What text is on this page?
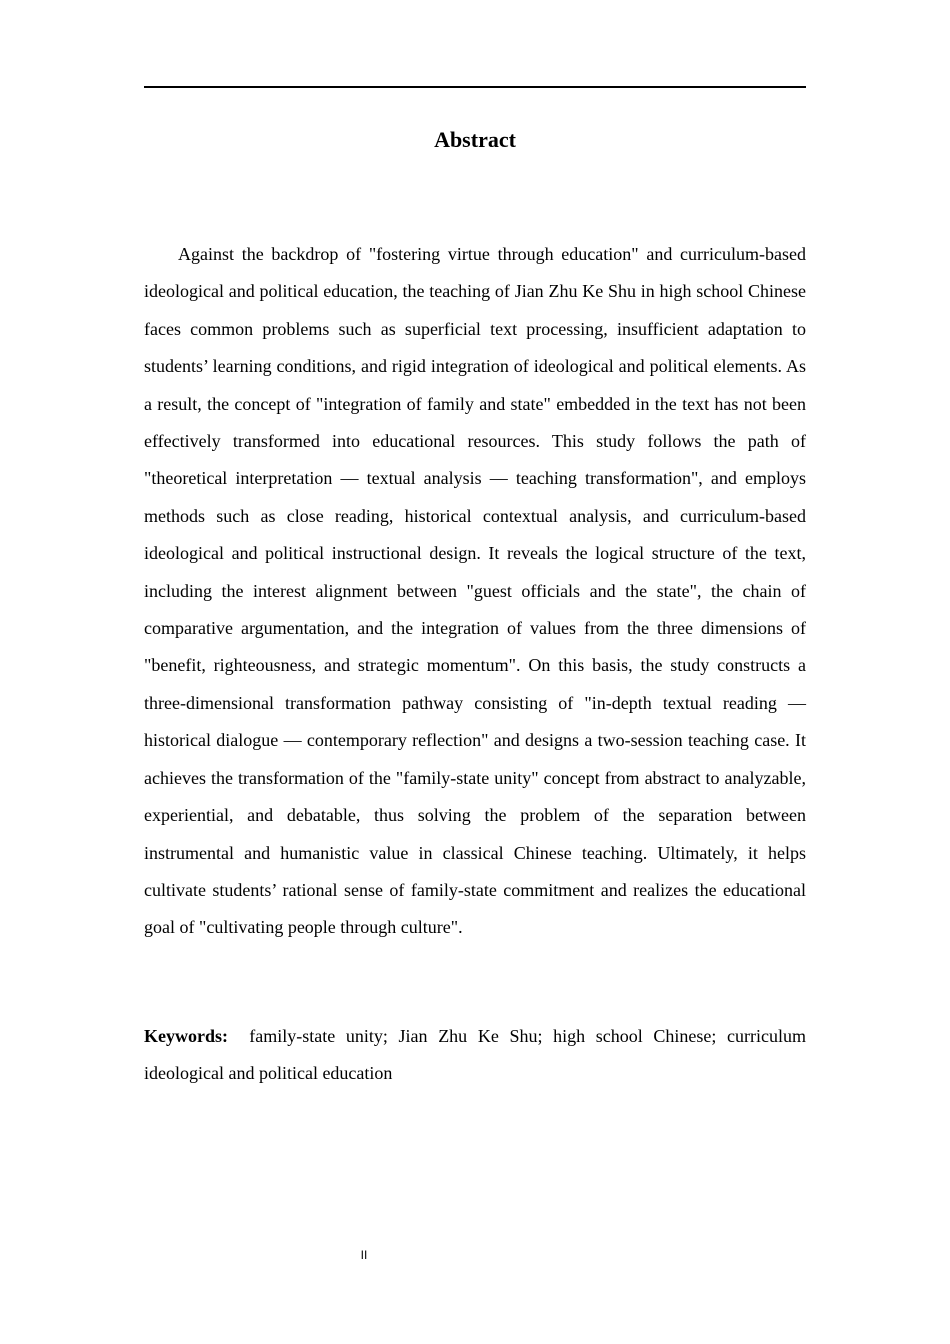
Abstract

Against the backdrop of "fostering virtue through education" and curriculum-based ideological and political education, the teaching of Jian Zhu Ke Shu in high school Chinese faces common problems such as superficial text processing, insufficient adaptation to students’ learning conditions, and rigid integration of ideological and political elements. As a result, the concept of "integration of family and state" embedded in the text has not been effectively transformed into educational resources. This study follows the path of "theoretical interpretation — textual analysis — teaching transformation", and employs methods such as close reading, historical contextual analysis, and curriculum-based ideological and political instructional design. It reveals the logical structure of the text, including the interest alignment between "guest officials and the state", the chain of comparative argumentation, and the integration of values from the three dimensions of "benefit, righteousness, and strategic momentum". On this basis, the study constructs a three-dimensional transformation pathway consisting of "in-depth textual reading — historical dialogue — contemporary reflection" and designs a two-session teaching case. It achieves the transformation of the "family-state unity" concept from abstract to analyzable, experiential, and debatable, thus solving the problem of the separation between instrumental and humanistic value in classical Chinese teaching. Ultimately, it helps cultivate students’ rational sense of family-state commitment and realizes the educational goal of "cultivating people through culture".

Keywords: family-state unity; Jian Zhu Ke Shu; high school Chinese; curriculum ideological and political education

II
